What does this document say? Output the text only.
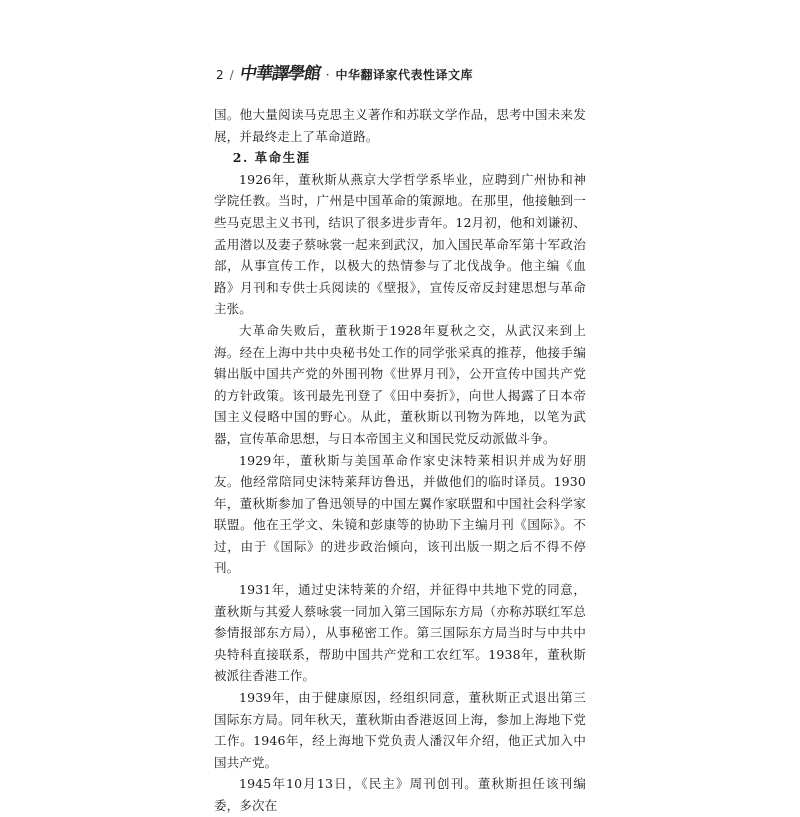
2 / 中華譯學館 · 中华翻译家代表性译文库

国。他大量阅读马克思主义著作和苏联文学作品，思考中国未来发展，并最终走上了革命道路。

2. 革命生涯

1926年，董秋斯从燕京大学哲学系毕业，应聘到广州协和神学院任教。当时，广州是中国革命的策源地。在那里，他接触到一些马克思主义书刊，结识了很多进步青年。12月初，他和刘谦初、孟用潜以及妻子蔡咏裳一起来到武汉，加入国民革命军第十军政治部，从事宣传工作，以极大的热情参与了北伐战争。他主编《血路》月刊和专供士兵阅读的《壁报》，宣传反帝反封建思想与革命主张。

大革命失败后，董秋斯于1928年夏秋之交，从武汉来到上海。经在上海中共中央秘书处工作的同学张采真的推荐，他接手编辑出版中国共产党的外围刊物《世界月刊》，公开宣传中国共产党的方针政策。该刊最先刊登了《田中奏折》，向世人揭露了日本帝国主义侵略中国的野心。从此，董秋斯以刊物为阵地，以笔为武器，宣传革命思想，与日本帝国主义和国民党反动派做斗争。

1929年，董秋斯与美国革命作家史沫特莱相识并成为好朋友。他经常陪同史沫特莱拜访鲁迅，并做他们的临时译员。1930年，董秋斯参加了鲁迅领导的中国左翼作家联盟和中国社会科学家联盟。他在王学文、朱镜和彭康等的协助下主编月刊《国际》。不过，由于《国际》的进步政治倾向，该刊出版一期之后不得不停刊。

1931年，通过史沫特莱的介绍，并征得中共地下党的同意，董秋斯与其爱人蔡咏裳一同加入第三国际东方局（亦称苏联红军总参情报部东方局），从事秘密工作。第三国际东方局当时与中共中央特科直接联系，帮助中国共产党和工农红军。1938年，董秋斯被派往香港工作。

1939年，由于健康原因，经组织同意，董秋斯正式退出第三国际东方局。同年秋天，董秋斯由香港返回上海，参加上海地下党工作。1946年，经上海地下党负责人潘汉年介绍，他正式加入中国共产党。

1945年10月13日，《民主》周刊创刊。董秋斯担任该刊编委，多次在
